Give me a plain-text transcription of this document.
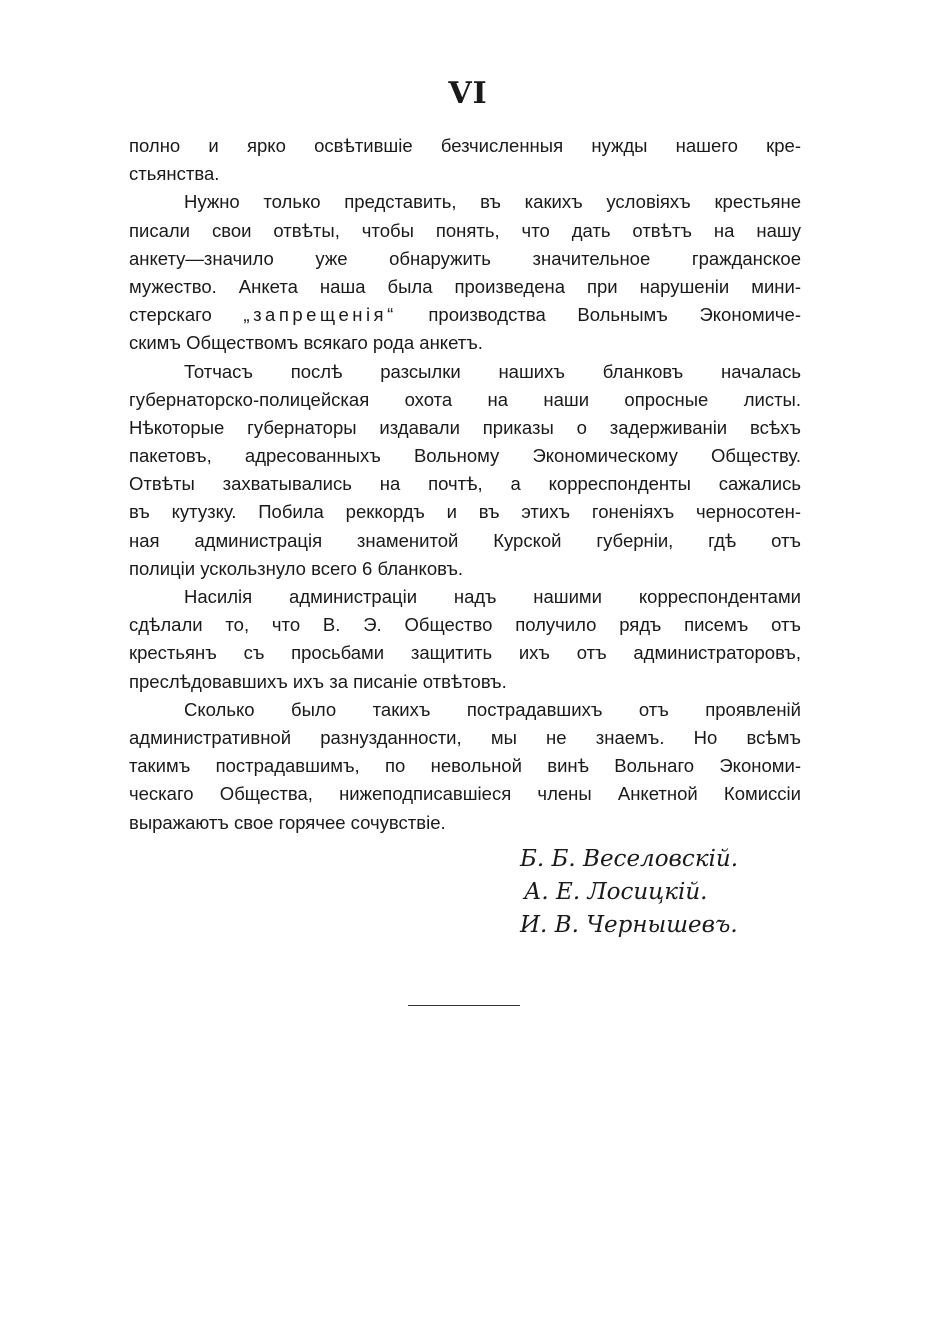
VI
полно и ярко освѣтившіе безчисленныя нужды нашего кре-
стьянства.
Нужно только представить, въ какихъ условіяхъ крестьяне
писали свои отвѣты, чтобы понять, что дать отвѣтъ на нашу
анкету—значило уже обнаружить значительное гражданское
мужество. Анкета наша была произведена при нарушеніи мини-
стерскаго „запрещенія“ производства Вольнымъ Экономиче-
скимъ Обществомъ всякаго рода анкетъ.
Тотчасъ послѣ разсылки нашихъ бланковъ началась
губернаторско-полицейская охота на наши опросные листы.
Нѣкоторые губернаторы издавали приказы о задерживаніи всѣхъ
пакетовъ, адресованныхъ Вольному Экономическому Обществу.
Отвѣты захватывались на почтѣ, а корреспонденты сажались
въ кутузку. Побила реккордъ и въ этихъ гоненіяхъ черносотен-
ная администрація знаменитой Курской губерніи, гдѣ отъ
полиціи ускользнуло всего 6 бланковъ.
Насилія администраціи надъ нашими корреспондентами
сдѣлали то, что В. Э. Общество получило рядъ писемъ отъ
крестьянъ съ просьбами защитить ихъ отъ администраторовъ,
преслѣдовавшихъ ихъ за писаніе отвѣтовъ.
Сколько было такихъ пострадавшихъ отъ проявленій
административной разнузданности, мы не знаемъ. Но всѣмъ
такимъ пострадавшимъ, по невольной винѣ Вольнаго Экономи-
ческаго Общества, нижеподписавшіеся члены Анкетной Комиссіи
выражаютъ свое горячее сочувствіе.
Б. Б. Веселовскій.
А. Е. Лосицкій.
И. В. Чернышевъ.
